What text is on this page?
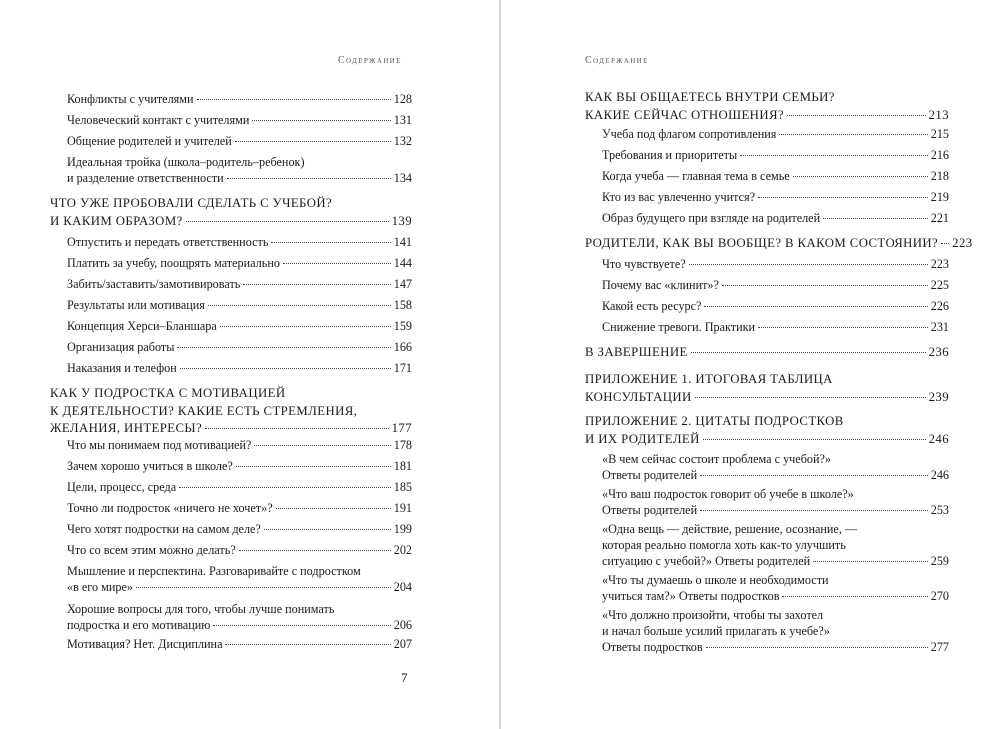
Содержание
Конфликты с учителями	128
Человеческий контакт с учителями	131
Общение родителей и учителей	132
Идеальная тройка (школа–родитель–ребенок)
и разделение ответственности	134
ЧТО УЖЕ ПРОБОВАЛИ СДЕЛАТЬ С УЧЕБОЙ?
И КАКИМ ОБРАЗОМ?	139
Отпустить и передать ответственность	141
Платить за учебу, поощрять материально	144
Забить/заставить/замотивировать	147
Результаты или мотивация	158
Концепция Херси–Бланшара	159
Организация работы	166
Наказания и телефон	171
КАК У ПОДРОСТКА С МОТИВАЦИЕЙ
К ДЕЯТЕЛЬНОСТИ? КАКИЕ ЕСТЬ СТРЕМЛЕНИЯ,
ЖЕЛАНИЯ, ИНТЕРЕСЫ?	177
Что мы понимаем под мотивацией?	178
Зачем хорошо учиться в школе?	181
Цели, процесс, среда	185
Точно ли подросток «ничего не хочет»?	191
Чего хотят подростки на самом деле?	199
Что со всем этим можно делать?	202
Мышление и перспектина. Разговаривайте с подростком
«в его мире»	204
Хорошие вопросы для того, чтобы лучше понимать
подростка и его мотивацию	206
Мотивация? Нет. Дисциплина	207
7
Содержание
КАК ВЫ ОБЩАЕТЕСЬ ВНУТРИ СЕМЬИ?
КАКИЕ СЕЙЧАС ОТНОШЕНИЯ?	213
Учеба под флагом сопротивления	215
Требования и приоритеты	216
Когда учеба — главная тема в семье	218
Кто из вас увлеченно учится?	219
Образ будущего при взгляде на родителей	221
РОДИТЕЛИ, КАК ВЫ ВООБЩЕ? В КАКОМ СОСТОЯНИИ? 223
Что чувствуете?	223
Почему вас «клинит»?	225
Какой есть ресурс?	226
Снижение тревоги. Практики	231
В ЗАВЕРШЕНИЕ	236
ПРИЛОЖЕНИЕ 1. ИТОГОВАЯ ТАБЛИЦА
КОНСУЛЬТАЦИИ	239
ПРИЛОЖЕНИЕ 2. ЦИТАТЫ ПОДРОСТКОВ
И ИХ РОДИТЕЛЕЙ	246
«В чем сейчас состоит проблема с учебой?»
Ответы родителей	246
«Что ваш подросток говорит об учебе в школе?»
Ответы родителей	253
«Одна вещь — действие, решение, осознание, —
которая реально помогла хоть как-то улучшить
ситуацию с учебой?» Ответы родителей	259
«Что ты думаешь о школе и необходимости
учиться там?» Ответы подростков	270
«Что должно произойти, чтобы ты захотел
и начал больше усилий прилагать к учебе?»
Ответы подростков	277
